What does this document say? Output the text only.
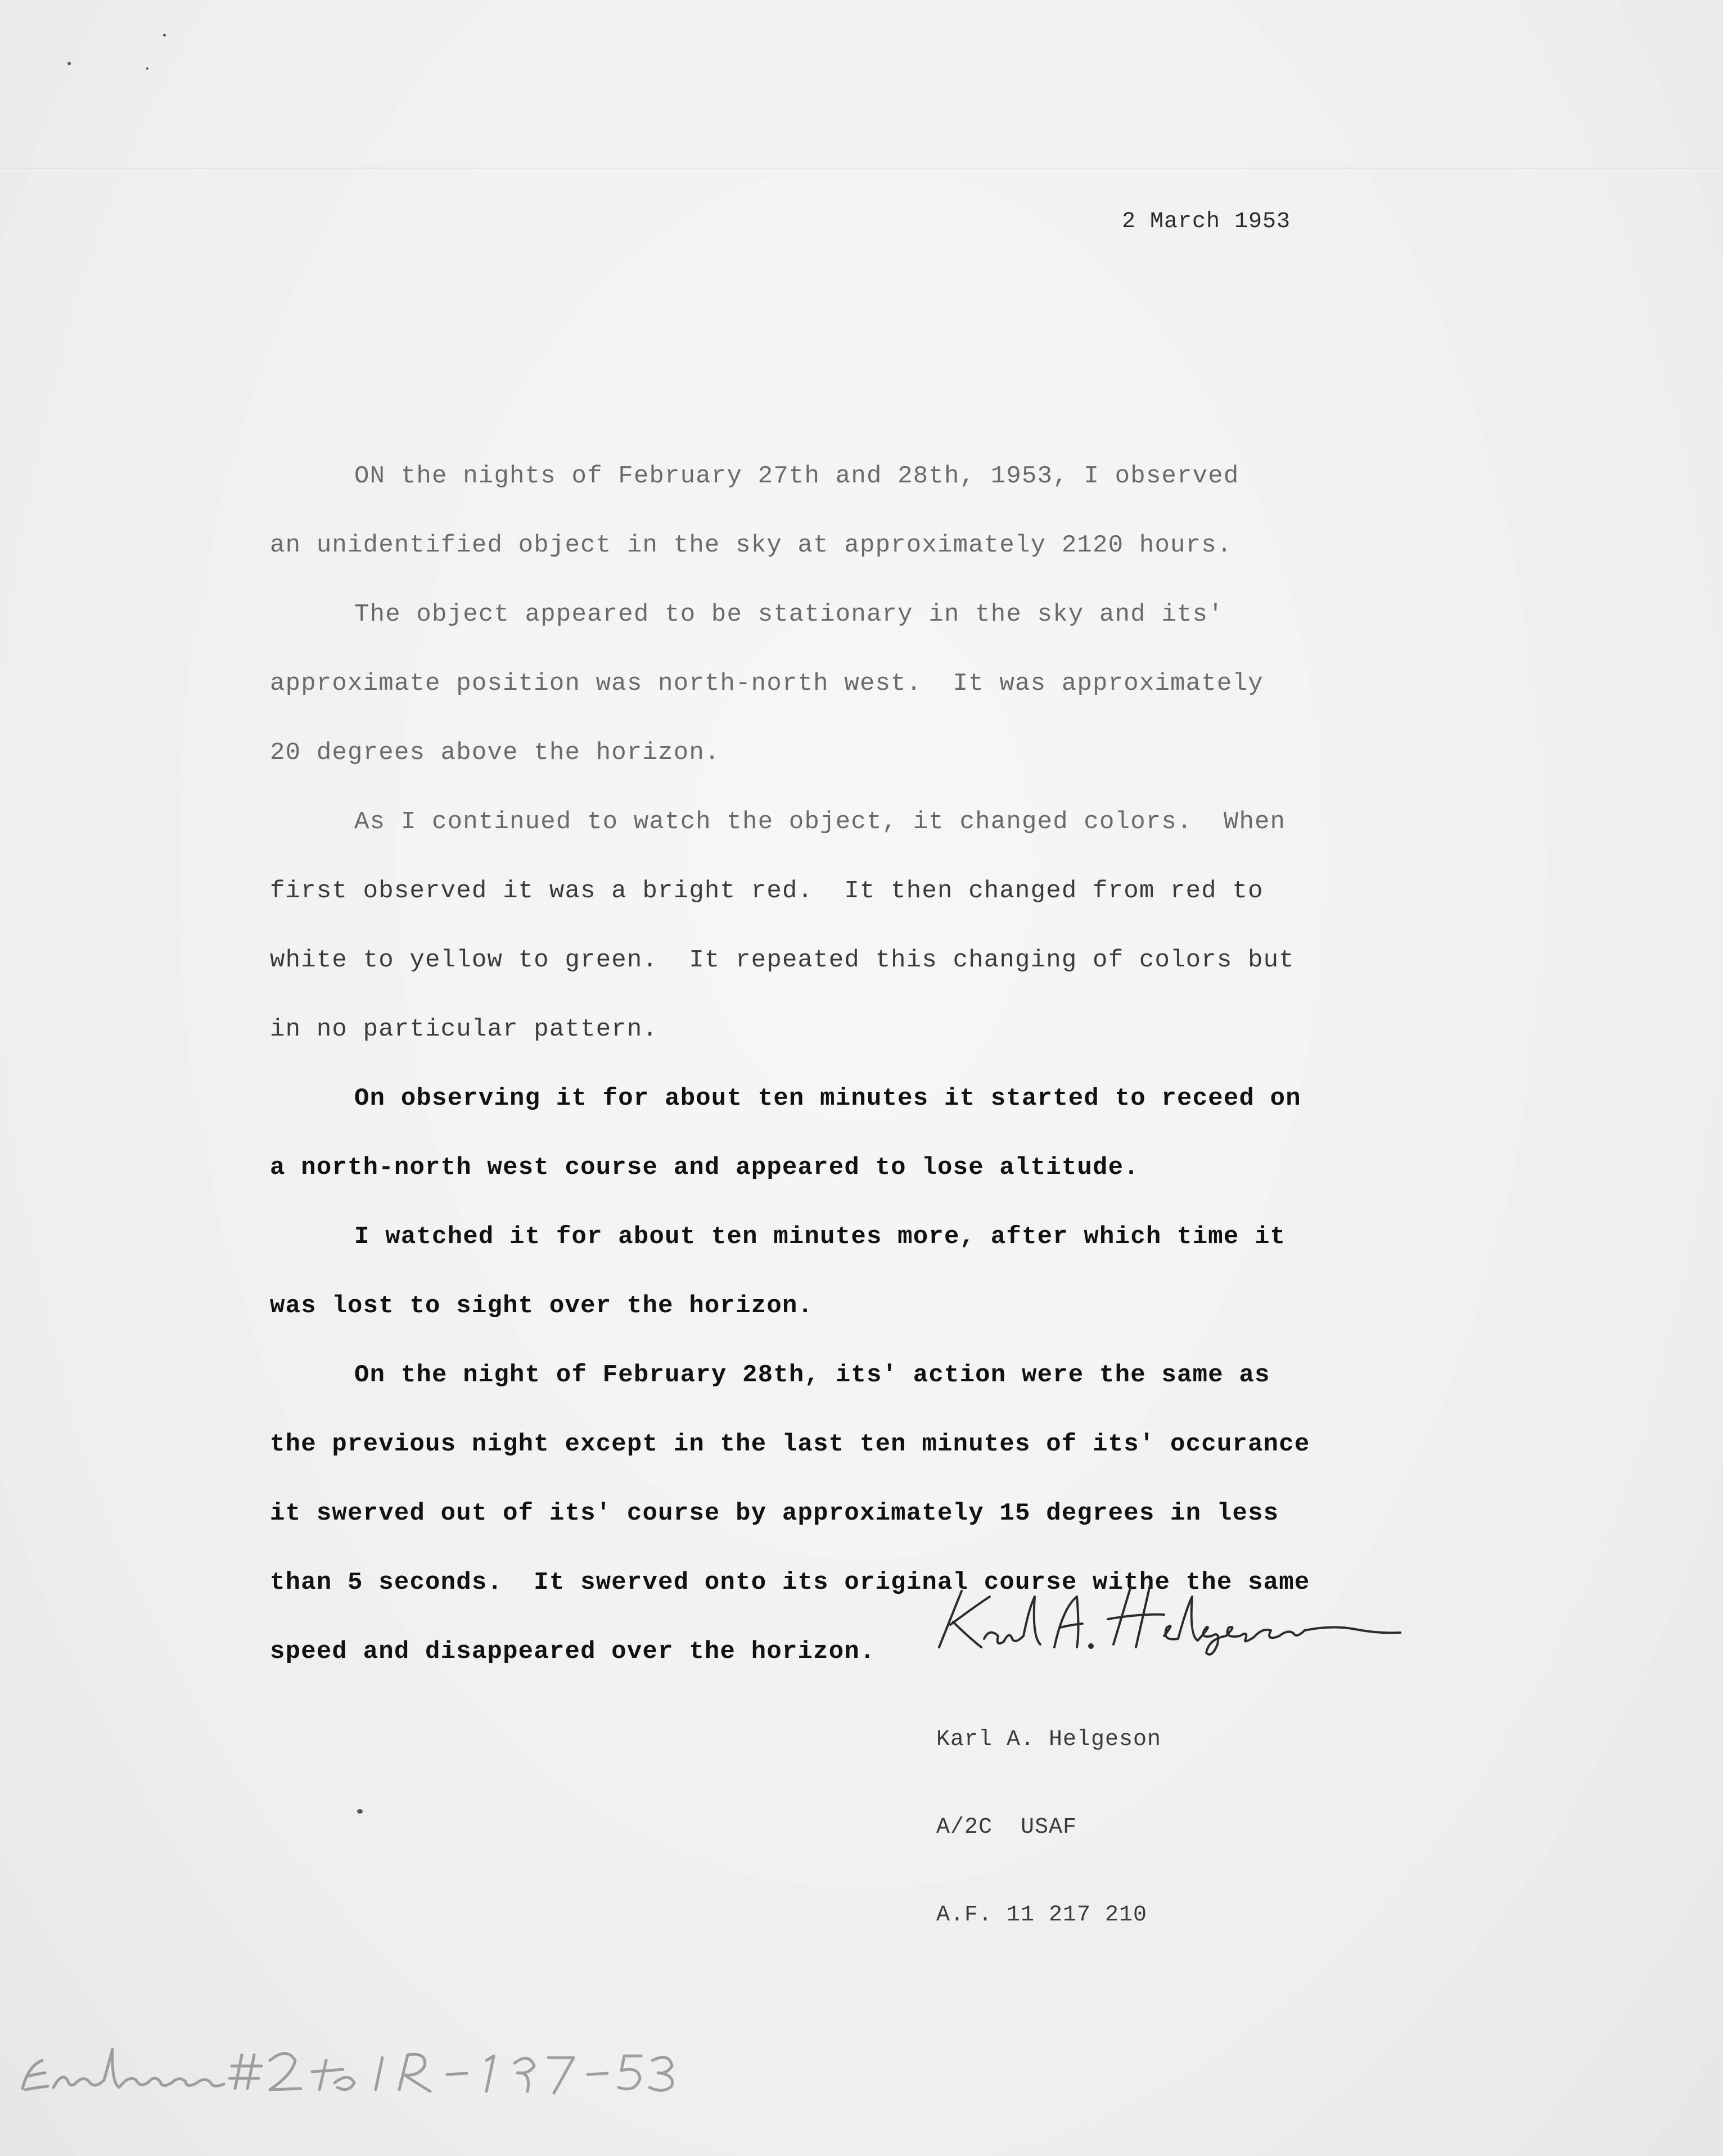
2 March 1953
ON the nights of February 27th and 28th, 1953, I observed
an unidentified object in the sky at approximately 2120 hours.
The object appeared to be stationary in the sky and its'
approximate position was north-north west.  It was approximately
20 degrees above the horizon.
As I continued to watch the object, it changed colors.  When
first observed it was a bright red.  It then changed from red to
white to yellow to green.  It repeated this changing of colors but
in no particular pattern.
On observing it for about ten minutes it started to receed on
a north-north west course and appeared to lose altitude.
I watched it for about ten minutes more, after which time it
was lost to sight over the horizon.
On the night of February 28th, its' action were the same as
the previous night except in the last ten minutes of its' occurance
it swerved out of its' course by approximately 15 degrees in less
than 5 seconds.  It swerved onto its original course withe the same
speed and disappeared over the horizon.

Karl A. Helgeson

A/2C  USAF

A.F. 11 217 210
